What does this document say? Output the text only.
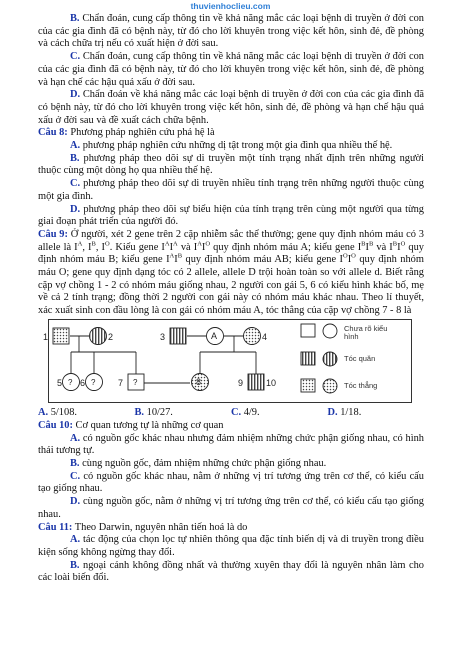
thuvienhoclieu.com

B. Chẩn đoán, cung cấp thông tin về khả năng mắc các loại bệnh di truyền ở đời con của các gia đình đã có bệnh này, từ đó cho lời khuyên trong việc kết hôn, sinh đẻ, đề phòng và cách chữa trị nếu có xuất hiện ở đời sau.

C. Chẩn đoán, cung cấp thông tin về khả năng mắc các loại bệnh di truyền ở đời con của các gia đình đã có bệnh này, từ đó cho lời khuyên trong việc kết hôn, sinh đẻ, đề phòng và hạn chế các hậu quả xấu ở đời sau.

D. Chẩn đoán về khả năng mắc các loại bệnh di truyền ở đời con của các gia đình đã có bệnh này, từ đó cho lời khuyên trong việc kết hôn, sinh đẻ, đề phòng và hạn chế hậu quả xấu ở đời sau và đề xuất cách chữa bệnh.

Câu 8: Phương pháp nghiên cứu phả hệ là

A. phương pháp nghiên cứu những dị tật trong một gia đình qua nhiều thế hệ.

B. phương pháp theo dõi sự di truyền một tính trạng nhất định trên những người thuộc cùng một dòng họ qua nhiều thế hệ.

C. phương pháp theo dõi sự di truyền nhiều tính trạng trên những người thuộc cùng một gia đình.

D. phương pháp theo dõi sự biểu hiện của tính trạng trên cùng một người qua từng giai đoạn phát triển của người đó.

Câu 9: Ở người, xét 2 gene trên 2 cặp nhiễm sắc thể thường; gene quy định nhóm máu có 3 allele là $I^A$, $I^B$, $I^O$. Kiểu gene $I^AI^A$ và $I^AI^O$ quy định nhóm máu A; kiểu gene $I^BI^B$ và $I^BI^O$ quy định nhóm máu B; kiểu gene $I^AI^B$ quy định nhóm máu AB; kiểu gene $I^OI^O$ quy định nhóm máu O; gene quy định dạng tóc có 2 allele, allele D trội hoàn toàn so với allele d. Biết rằng cặp vợ chồng 1 - 2 có nhóm máu giống nhau, 2 người con gái 5, 6 có kiểu hình khác bố, mẹ về cả 2 tính trạng; đồng thời 2 người con gái này có nhóm máu khác nhau. Theo lí thuyết, xác xuất sinh con đầu lòng là con gái có nhóm máu A, tóc thẳng của cặp vợ chồng 7 - 8 là

1	2	3	A	4
5 ? 6 ?	7 ?	8	9	10
Chưa rõ kiểu hình
Tóc quăn
Tóc thẳng
A. 5/108.	B. 10/27.	C. 4/9.	D. 1/18.

Câu 10: Cơ quan tương tự là những cơ quan

A. có nguồn gốc khác nhau nhưng đảm nhiệm những chức phận giống nhau, có hình thái tương tự.

B. cùng nguồn gốc, đảm nhiệm những chức phận giống nhau.

C. có nguồn gốc khác nhau, nằm ở những vị trí tương ứng trên cơ thể, có kiểu cấu tạo giống nhau.

D. cùng nguồn gốc, nằm ở những vị trí tương ứng trên cơ thể, có kiểu cấu tạo giống nhau.

Câu 11: Theo Darwin, nguyên nhân tiến hoá là do

A. tác động của chọn lọc tự nhiên thông qua đặc tính biến dị và di truyền trong điều kiện sống không ngừng thay đổi.

B. ngoại cảnh không đồng nhất và thường xuyên thay đổi là nguyên nhân làm cho các loài biến đổi.
